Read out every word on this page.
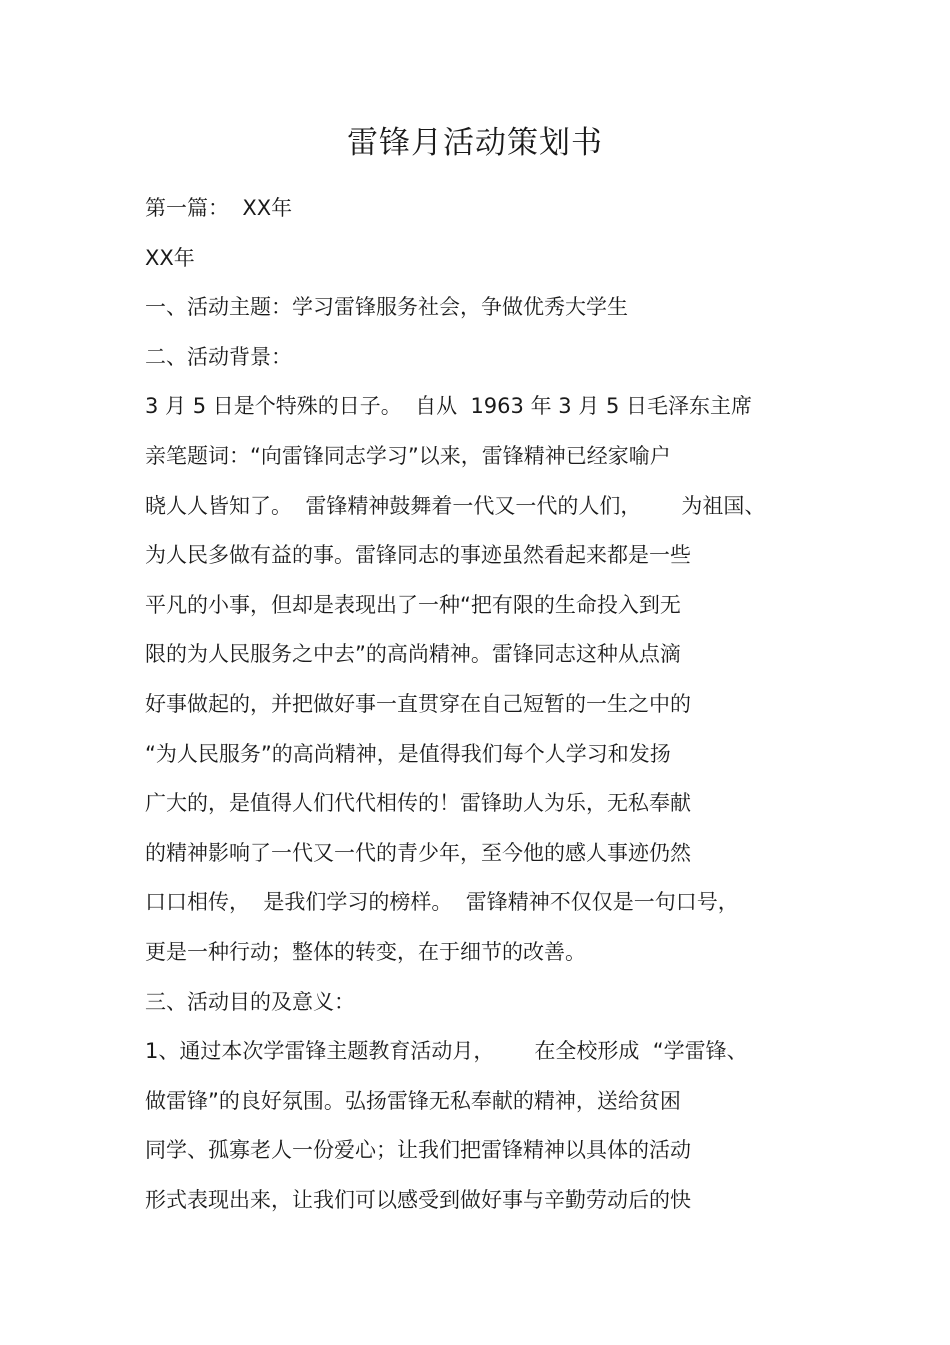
雷锋月活动策划书
第一篇：  XX年
XX年
一、活动主题：学习雷锋服务社会，争做优秀大学生
二、活动背景：
3 月 5 日是个特殊的日子。  自从  1963 年 3 月 5 日毛泽东主席
亲笔题词：“向雷锋同志学习”以来，雷锋精神已经家喻户
晓人人皆知了。  雷锋精神鼓舞着一代又一代的人们，      为祖国、
为人民多做有益的事。雷锋同志的事迹虽然看起来都是一些
平凡的小事，但却是表现出了一种“把有限的生命投入到无
限的为人民服务之中去”的高尚精神。雷锋同志这种从点滴
好事做起的，并把做好事一直贯穿在自己短暂的一生之中的
“为人民服务”的高尚精神，是值得我们每个人学习和发扬
广大的，是值得人们代代相传的！雷锋助人为乐，无私奉献
的精神影响了一代又一代的青少年，至今他的感人事迹仍然
口口相传，  是我们学习的榜样。  雷锋精神不仅仅是一句口号，
更是一种行动；整体的转变，在于细节的改善。
三、活动目的及意义：
1、通过本次学雷锋主题教育活动月，      在全校形成  “学雷锋、
做雷锋”的良好氛围。弘扬雷锋无私奉献的精神，送给贫困
同学、孤寡老人一份爱心；让我们把雷锋精神以具体的活动
形式表现出来，让我们可以感受到做好事与辛勤劳动后的快
